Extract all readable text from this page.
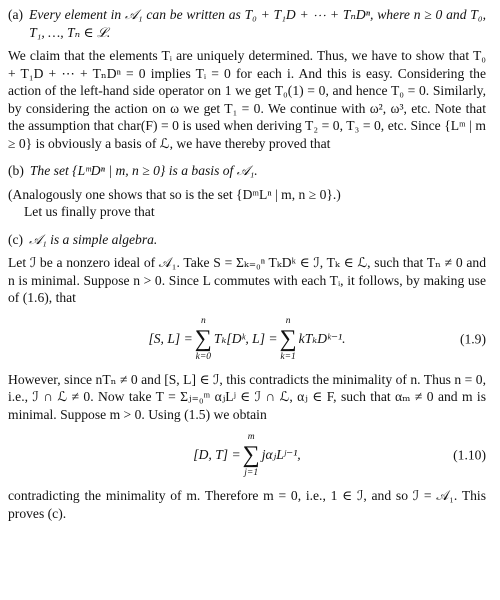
(a) Every element in 𝒜₁ can be written as T₀ + T₁D + ⋯ + TₙDⁿ, where n ≥ 0 and T₀, T₁, …, Tₙ ∈ ℒ.

We claim that the elements Tᵢ are uniquely determined. Thus, we have to show that T₀ + T₁D + ⋯ + TₙDⁿ = 0 implies Tᵢ = 0 for each i. And this is easy. Considering the action of the left-hand side operator on 1 we get T₀(1) = 0, and hence T₀ = 0. Similarly, by considering the action on ω we get T₁ = 0. We continue with ω², ω³, etc. Note that the assumption that char(F) = 0 is used when deriving T₂ = 0, T₃ = 0, etc. Since {Lᵐ | m ≥ 0} is obviously a basis of ℒ, we have thereby proved that

(b) The set {LᵐDⁿ | m, n ≥ 0} is a basis of 𝒜₁.

(Analogously one shows that so is the set {DᵐLⁿ | m, n ≥ 0}.)

Let us finally prove that

(c) 𝒜₁ is a simple algebra.

Let ℐ be a nonzero ideal of 𝒜₁. Take S = Σₖ₌₀ⁿ TₖDᵏ ∈ ℐ, Tₖ ∈ ℒ, such that Tₙ ≠ 0 and n is minimal. Suppose n > 0. Since L commutes with each Tᵢ, it follows, by making use of (1.6), that

[S, L] =
n
∑
k=0
Tₖ[Dᵏ, L] =
n
∑
k=1
kTₖDᵏ⁻¹.	(1.9)

However, since nTₙ ≠ 0 and [S, L] ∈ ℐ, this contradicts the minimality of n. Thus n = 0, i.e., ℐ ∩ ℒ ≠ 0. Now take T = Σⱼ₌₀ᵐ αⱼLʲ ∈ ℐ ∩ ℒ, αⱼ ∈ F, such that αₘ ≠ 0 and m is minimal. Suppose m > 0. Using (1.5) we obtain

[D, T] =
m
∑
j=1
jαⱼLʲ⁻¹,	(1.10)

contradicting the minimality of m. Therefore m = 0, i.e., 1 ∈ ℐ, and so ℐ = 𝒜₁. This proves (c).
